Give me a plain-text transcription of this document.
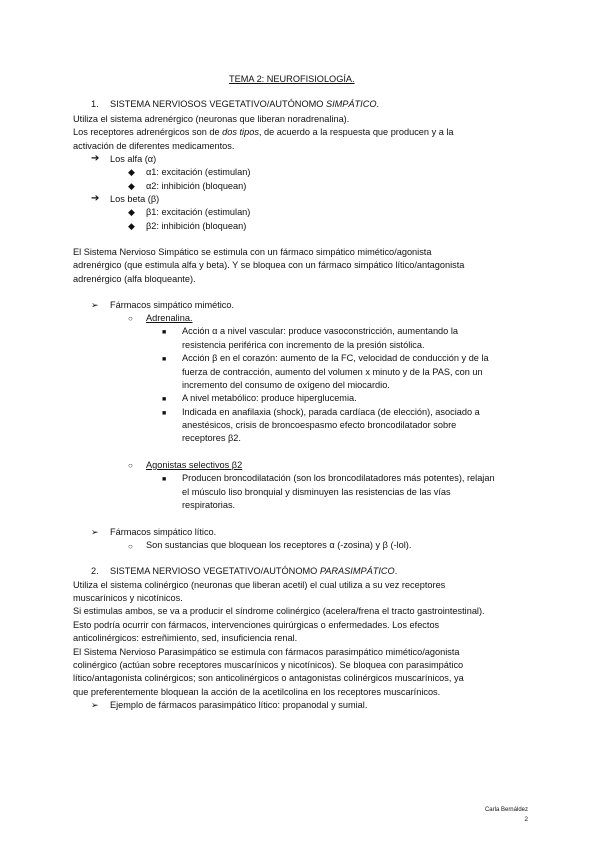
TEMA 2: NEUROFISIOLOGÍA.
1. SISTEMA NERVIOSOS VEGETATIVO/AUTÓNOMO SIMPÁTICO.
Utiliza el sistema adrenérgico (neuronas que liberan noradrenalina).
Los receptores adrenérgicos son de dos tipos, de acuerdo a la respuesta que producen y a la
activación de diferentes medicamentos.
➔ Los alfa (α)
◆ α1: excitación (estimulan)
◆ α2: inhibición (bloquean)
➔ Los beta (β)
◆ β1: excitación (estimulan)
◆ β2: inhibición (bloquean)
El Sistema Nervioso Simpático se estimula con un fármaco simpático mimético/agonista
adrenérgico (que estimula alfa y beta). Y se bloquea con un fármaco simpático lítico/antagonista
adrenérgico (alfa bloqueante).
➢ Fármacos simpático mimético.
○ Adrenalina.
■ Acción α a nivel vascular: produce vasoconstricción, aumentando la
resistencia periférica con incremento de la presión sistólica.
■ Acción β en el corazón: aumento de la FC, velocidad de conducción y de la
fuerza de contracción, aumento del volumen x minuto y de la PAS, con un
incremento del consumo de oxígeno del miocardio.
■ A nivel metabólico: produce hiperglucemia.
■ Indicada en anafilaxia (shock), parada cardíaca (de elección), asociado a
anestésicos, crisis de broncoespasmo efecto broncodilatador sobre
receptores β2.
○ Agonistas selectivos β2
■ Producen broncodilatación (son los broncodilatadores más potentes), relajan
el músculo liso bronquial y disminuyen las resistencias de las vías
respiratorias.
➢ Fármacos simpático lítico.
○ Son sustancias que bloquean los receptores α (-zosina) y β (-lol).
2. SISTEMA NERVIOSO VEGETATIVO/AUTÓNOMO PARASIMPÁTICO.
Utiliza el sistema colinérgico (neuronas que liberan acetil) el cual utiliza a su vez receptores
muscarínicos y nicotínicos.
Si estimulas ambos, se va a producir el síndrome colinérgico (acelera/frena el tracto gastrointestinal).
Esto podría ocurrir con fármacos, intervenciones quirúrgicas o enfermedades. Los efectos
anticolinérgicos: estreñimiento, sed, insuficiencia renal.
El Sistema Nervioso Parasimpático se estimula con fármacos parasimpático mimético/agonista
colinérgico (actúan sobre receptores muscarínicos y nicotínicos). Se bloquea con parasimpático
lítico/antagonista colinérgicos; son anticolinérgicos o antagonistas colinérgicos muscarínicos, ya
que preferentemente bloquean la acción de la acetilcolina en los receptores muscarínicos.
➢ Ejemplo de fármacos parasimpático lítico: propanodal y sumial.
Carla Bernáldez
2
